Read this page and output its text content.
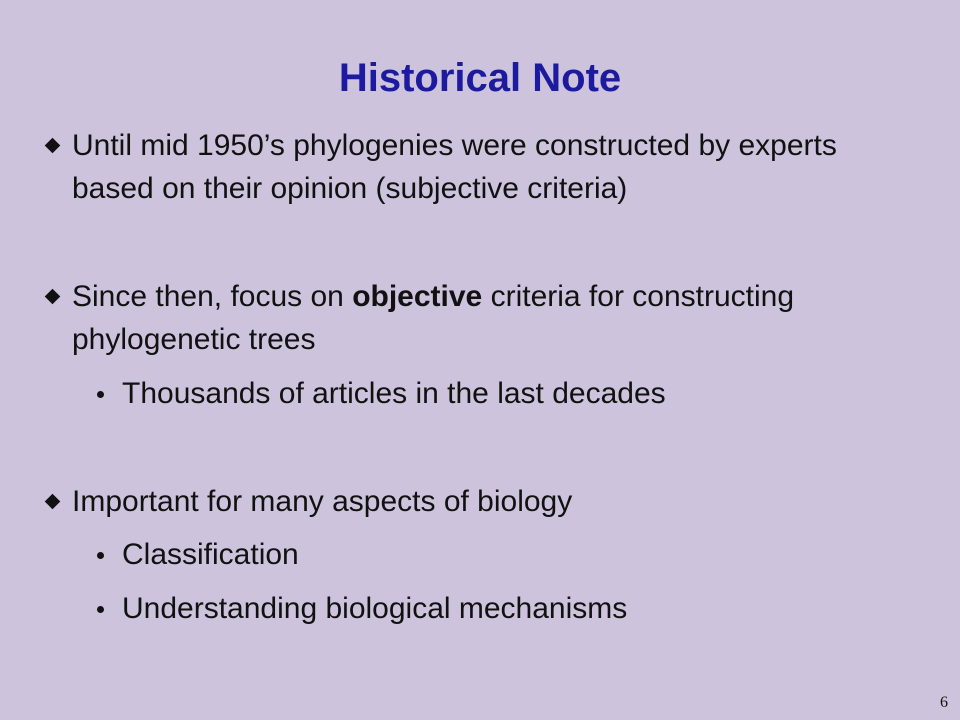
Historical Note
Until mid 1950’s phylogenies were constructed by experts based on their opinion (subjective criteria)
Since then, focus on objective criteria for constructing phylogenetic trees
Thousands of articles in the last decades
Important for many aspects of biology
Classification
Understanding biological mechanisms
6
